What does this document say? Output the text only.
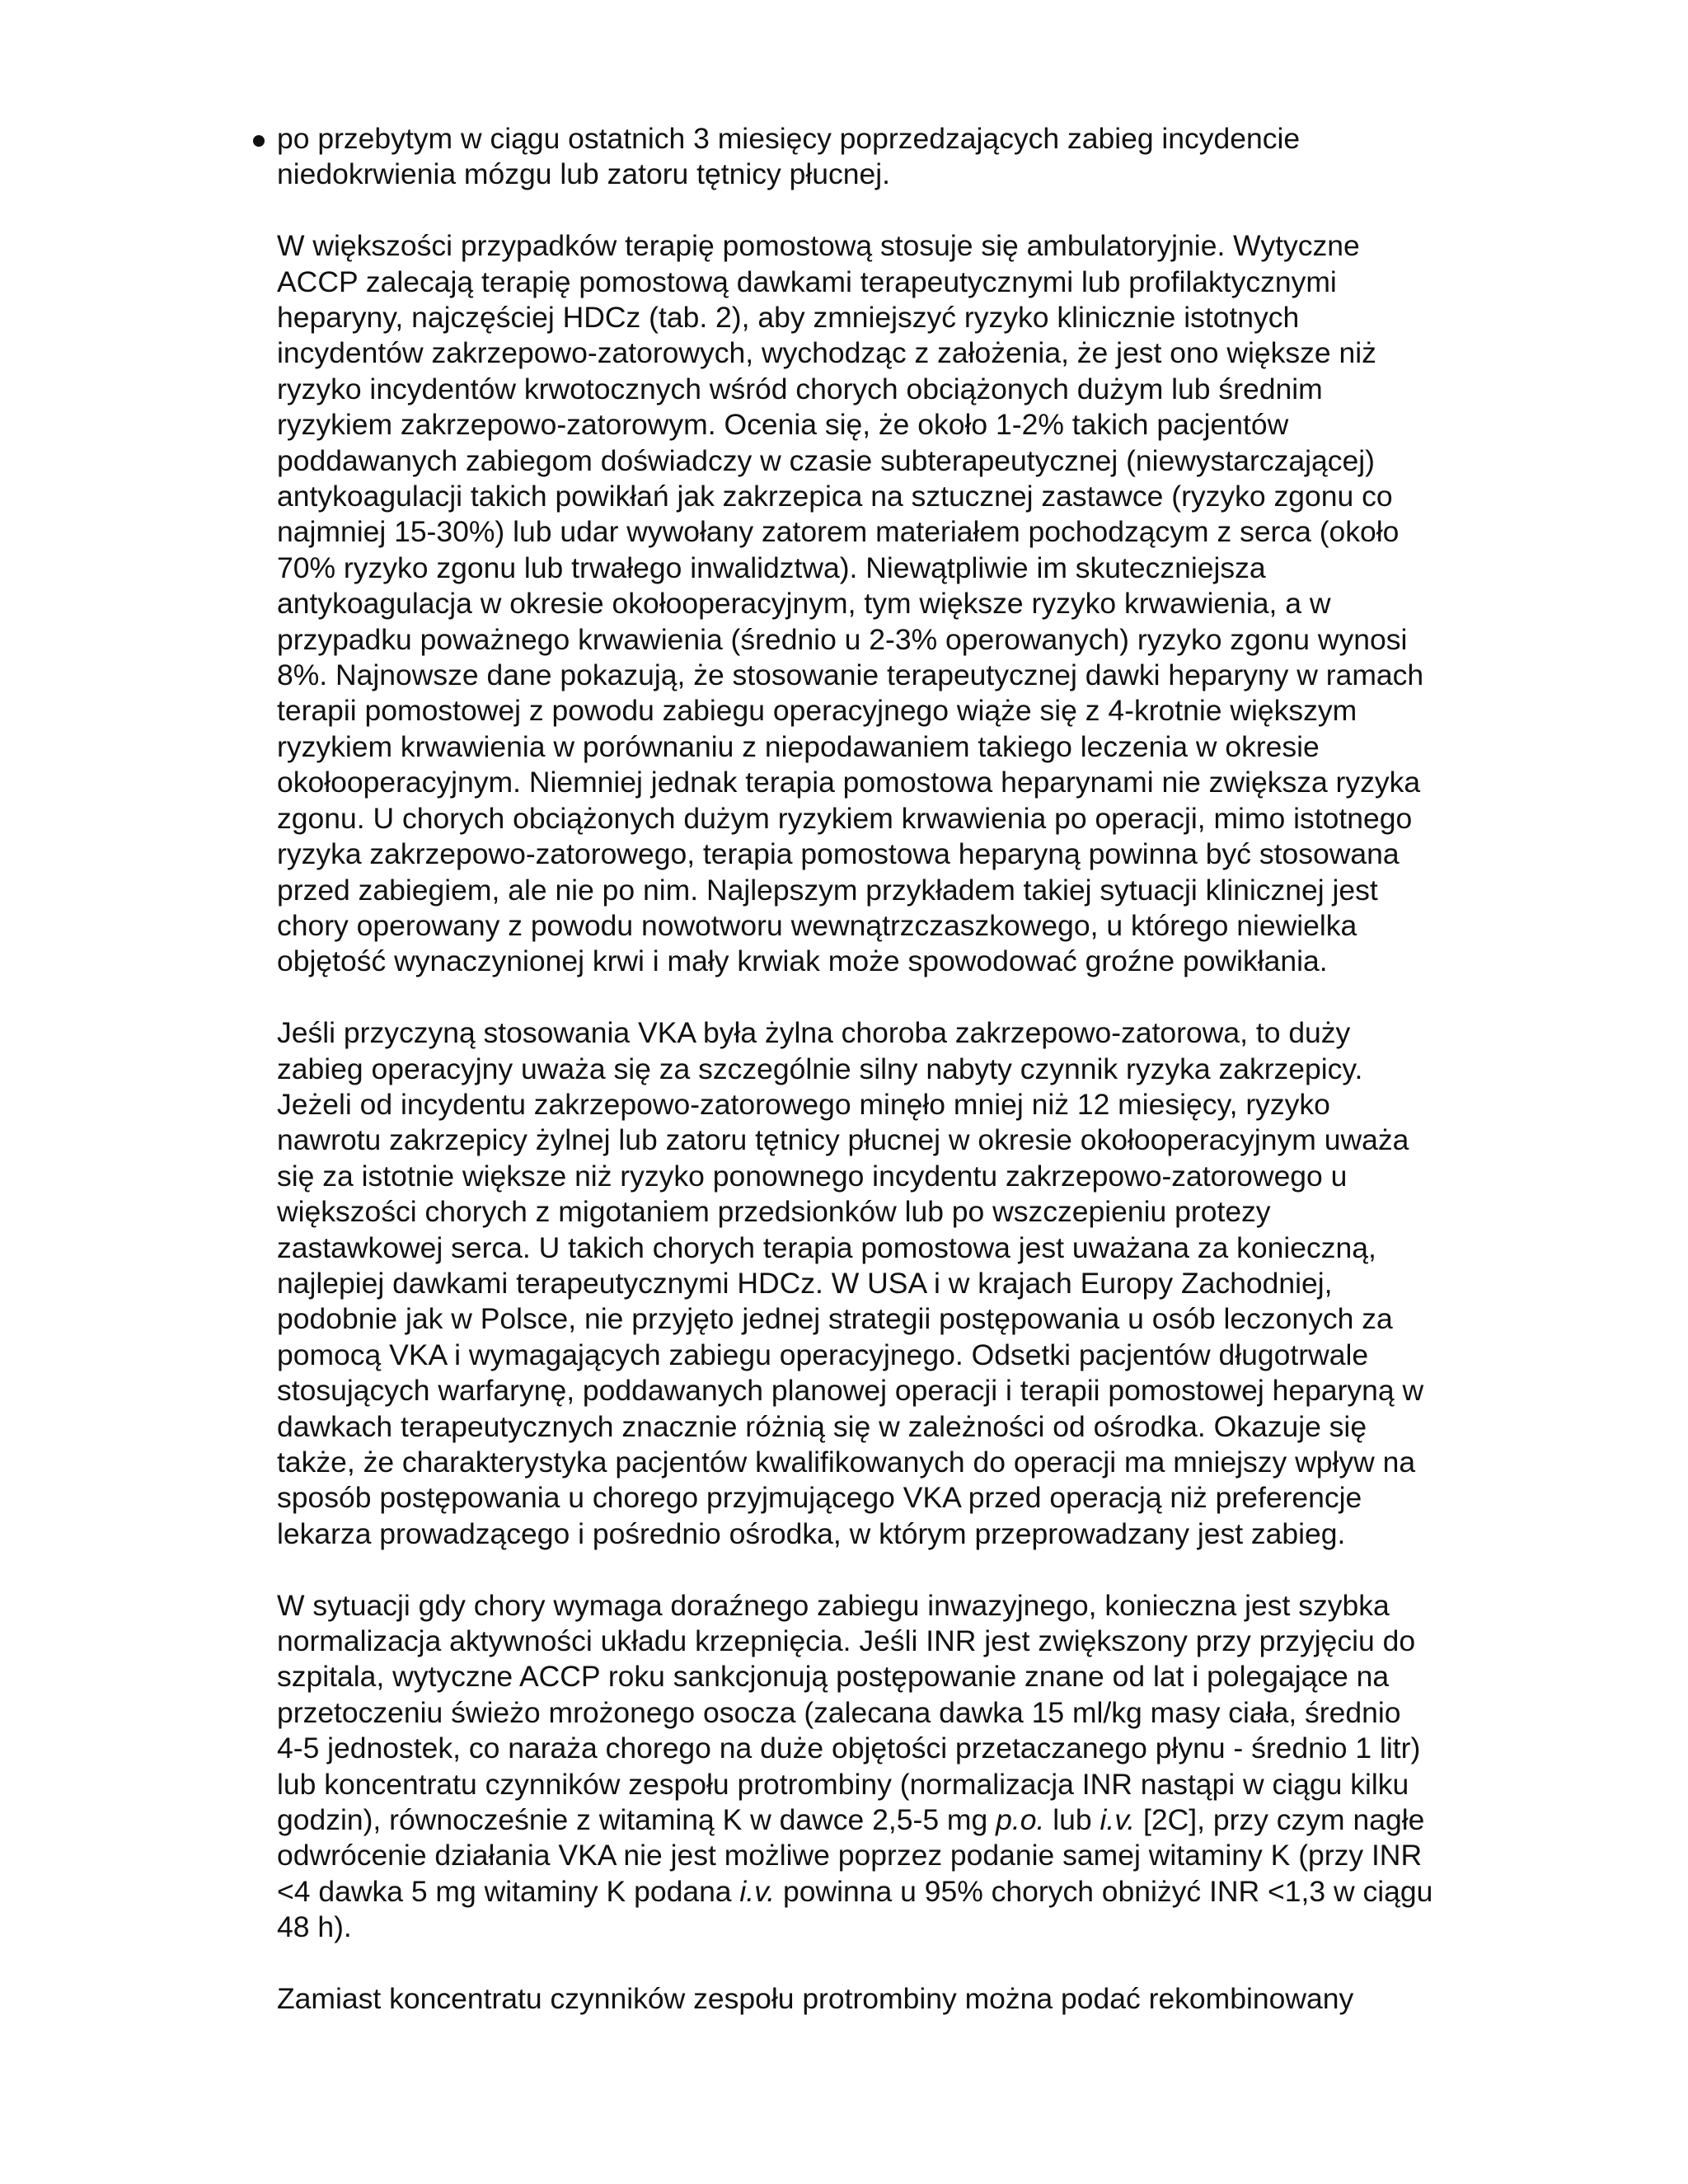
po przebytym w ciągu ostatnich 3 miesięcy poprzedzających zabieg incydencie
niedokrwienia mózgu lub zatoru tętnicy płucnej.
W większości przypadków terapię pomostową stosuje się ambulatoryjnie. Wytyczne
ACCP zalecają terapię pomostową dawkami terapeutycznymi lub profilaktycznymi
heparyny, najczęściej HDCz (tab. 2), aby zmniejszyć ryzyko klinicznie istotnych
incydentów zakrzepowo-zatorowych, wychodząc z założenia, że jest ono większe niż
ryzyko incydentów krwotocznych wśród chorych obciążonych dużym lub średnim
ryzykiem zakrzepowo-zatorowym. Ocenia się, że około 1-2% takich pacjentów
poddawanych zabiegom doświadczy w czasie subterapeutycznej (niewystarczającej)
antykoagulacji takich powikłań jak zakrzepica na sztucznej zastawce (ryzyko zgonu co
najmniej 15-30%) lub udar wywołany zatorem materiałem pochodzącym z serca (około
70% ryzyko zgonu lub trwałego inwalidztwa). Niewątpliwie im skuteczniejsza
antykoagulacja w okresie okołooperacyjnym, tym większe ryzyko krwawienia, a w
przypadku poważnego krwawienia (średnio u 2-3% operowanych) ryzyko zgonu wynosi
8%. Najnowsze dane pokazują, że stosowanie terapeutycznej dawki heparyny w ramach
terapii pomostowej z powodu zabiegu operacyjnego wiąże się z 4-krotnie większym
ryzykiem krwawienia w porównaniu z niepodawaniem takiego leczenia w okresie
okołooperacyjnym. Niemniej jednak terapia pomostowa heparynami nie zwiększa ryzyka
zgonu. U chorych obciążonych dużym ryzykiem krwawienia po operacji, mimo istotnego
ryzyka zakrzepowo-zatorowego, terapia pomostowa heparyną powinna być stosowana
przed zabiegiem, ale nie po nim. Najlepszym przykładem takiej sytuacji klinicznej jest
chory operowany z powodu nowotworu wewnątrzczaszkowego, u którego niewielka
objętość wynaczynionej krwi i mały krwiak może spowodować groźne powikłania.
Jeśli przyczyną stosowania VKA była żylna choroba zakrzepowo-zatorowa, to duży
zabieg operacyjny uważa się za szczególnie silny nabyty czynnik ryzyka zakrzepicy.
Jeżeli od incydentu zakrzepowo-zatorowego minęło mniej niż 12 miesięcy, ryzyko
nawrotu zakrzepicy żylnej lub zatoru tętnicy płucnej w okresie okołooperacyjnym uważa
się za istotnie większe niż ryzyko ponownego incydentu zakrzepowo-zatorowego u
większości chorych z migotaniem przedsionków lub po wszczepieniu protezy
zastawkowej serca. U takich chorych terapia pomostowa jest uważana za konieczną,
najlepiej dawkami terapeutycznymi HDCz. W USA i w krajach Europy Zachodniej,
podobnie jak w Polsce, nie przyjęto jednej strategii postępowania u osób leczonych za
pomocą VKA i wymagających zabiegu operacyjnego. Odsetki pacjentów długotrwale
stosujących warfarynę, poddawanych planowej operacji i terapii pomostowej heparyną w
dawkach terapeutycznych znacznie różnią się w zależności od ośrodka. Okazuje się
także, że charakterystyka pacjentów kwalifikowanych do operacji ma mniejszy wpływ na
sposób postępowania u chorego przyjmującego VKA przed operacją niż preferencje
lekarza prowadzącego i pośrednio ośrodka, w którym przeprowadzany jest zabieg.
W sytuacji gdy chory wymaga doraźnego zabiegu inwazyjnego, konieczna jest szybka
normalizacja aktywności układu krzepnięcia. Jeśli INR jest zwiększony przy przyjęciu do
szpitala, wytyczne ACCP roku sankcjonują postępowanie znane od lat i polegające na
przetoczeniu świeżo mrożonego osocza (zalecana dawka 15 ml/kg masy ciała, średnio
4-5 jednostek, co naraża chorego na duże objętości przetaczanego płynu - średnio 1 litr)
lub koncentratu czynników zespołu protrombiny (normalizacja INR nastąpi w ciągu kilku
godzin), równocześnie z witaminą K w dawce 2,5-5 mg p.o. lub i.v. [2C], przy czym nagłe
odwrócenie działania VKA nie jest możliwe poprzez podanie samej witaminy K (przy INR
<4 dawka 5 mg witaminy K podana i.v. powinna u 95% chorych obniżyć INR <1,3 w ciągu
48 h).
Zamiast koncentratu czynników zespołu protrombiny można podać rekombinowany
